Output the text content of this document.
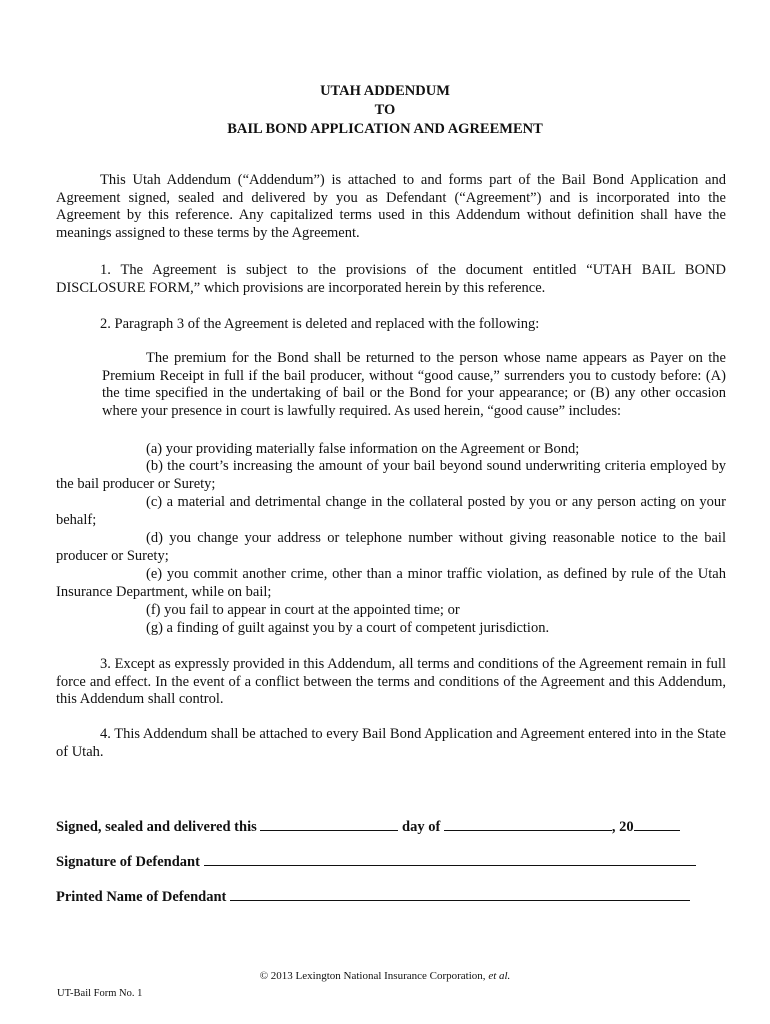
UTAH ADDENDUM
TO
BAIL BOND APPLICATION AND AGREEMENT
This Utah Addendum (“Addendum”) is attached to and forms part of the Bail Bond Application and Agreement signed, sealed and delivered by you as Defendant (“Agreement”) and is incorporated into the Agreement by this reference. Any capitalized terms used in this Addendum without definition shall have the meanings assigned to these terms by the Agreement.
1. The Agreement is subject to the provisions of the document entitled “UTAH BAIL BOND DISCLOSURE FORM,” which provisions are incorporated herein by this reference.
2. Paragraph 3 of the Agreement is deleted and replaced with the following:
The premium for the Bond shall be returned to the person whose name appears as Payer on the Premium Receipt in full if the bail producer, without “good cause,” surrenders you to custody before: (A) the time specified in the undertaking of bail or the Bond for your appearance; or (B) any other occasion where your presence in court is lawfully required. As used herein, “good cause” includes:
(a) your providing materially false information on the Agreement or Bond;
(b) the court’s increasing the amount of your bail beyond sound underwriting criteria employed by the bail producer or Surety;
(c) a material and detrimental change in the collateral posted by you or any person acting on your behalf;
(d) you change your address or telephone number without giving reasonable notice to the bail producer or Surety;
(e) you commit another crime, other than a minor traffic violation, as defined by rule of the Utah Insurance Department, while on bail;
(f) you fail to appear in court at the appointed time; or
(g) a finding of guilt against you by a court of competent jurisdiction.
3. Except as expressly provided in this Addendum, all terms and conditions of the Agreement remain in full force and effect. In the event of a conflict between the terms and conditions of the Agreement and this Addendum, this Addendum shall control.
4. This Addendum shall be attached to every Bail Bond Application and Agreement entered into in the State of Utah.
Signed, sealed and delivered this	day of	, 20
Signature of Defendant
Printed Name of Defendant
© 2013 Lexington National Insurance Corporation, et al.
UT-Bail Form No. 1
